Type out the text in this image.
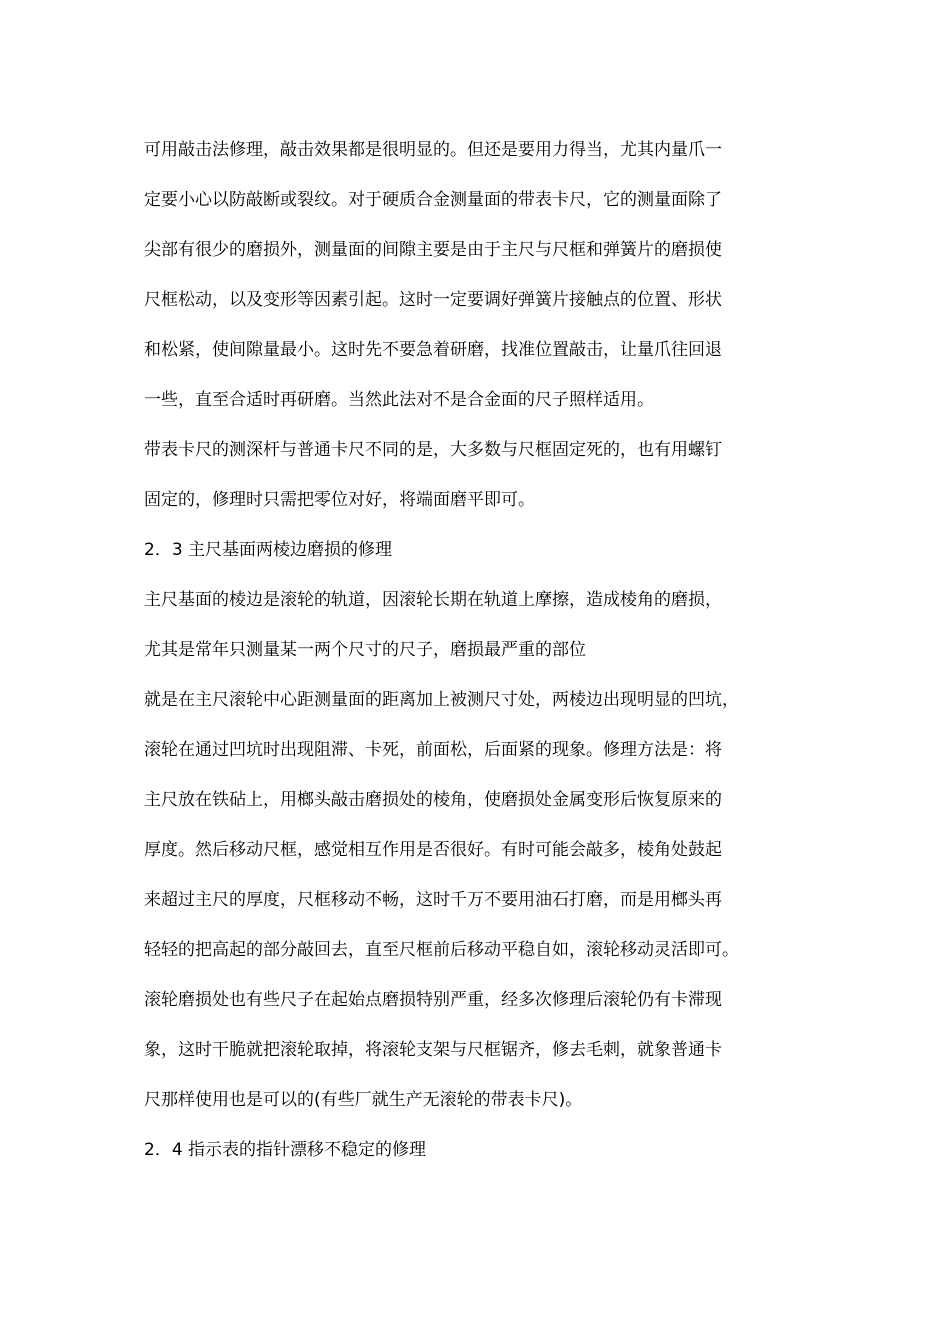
可用敲击法修理，敲击效果都是很明显的。但还是要用力得当，尤其内量爪一
定要小心以防敲断或裂纹。对于硬质合金测量面的带表卡尺，它的测量面除了
尖部有很少的磨损外，测量面的间隙主要是由于主尺与尺框和弹簧片的磨损使
尺框松动，以及变形等因素引起。这时一定要调好弹簧片接触点的位置、形状
和松紧，使间隙量最小。这时先不要急着研磨，找准位置敲击，让量爪往回退
一些，直至合适时再研磨。当然此法对不是合金面的尺子照样适用。
带表卡尺的测深杆与普通卡尺不同的是，大多数与尺框固定死的，也有用螺钉
固定的，修理时只需把零位对好，将端面磨平即可。
2．3 主尺基面两棱边磨损的修理
主尺基面的棱边是滚轮的轨道，因滚轮长期在轨道上摩擦，造成棱角的磨损，
尤其是常年只测量某一两个尺寸的尺子，磨损最严重的部位
就是在主尺滚轮中心距测量面的距离加上被测尺寸处，两棱边出现明显的凹坑，
滚轮在通过凹坑时出现阻滞、卡死，前面松，后面紧的现象。修理方法是：将
主尺放在铁砧上，用榔头敲击磨损处的棱角，使磨损处金属变形后恢复原来的
厚度。然后移动尺框，感觉相互作用是否很好。有时可能会敲多，棱角处鼓起
来超过主尺的厚度，尺框移动不畅，这时千万不要用油石打磨，而是用榔头再
轻轻的把高起的部分敲回去，直至尺框前后移动平稳自如，滚轮移动灵活即可。
滚轮磨损处也有些尺子在起始点磨损特别严重，经多次修理后滚轮仍有卡滞现
象，这时干脆就把滚轮取掉，将滚轮支架与尺框锯齐，修去毛刺，就象普通卡
尺那样使用也是可以的(有些厂就生产无滚轮的带表卡尺)。
2．4 指示表的指针漂移不稳定的修理
